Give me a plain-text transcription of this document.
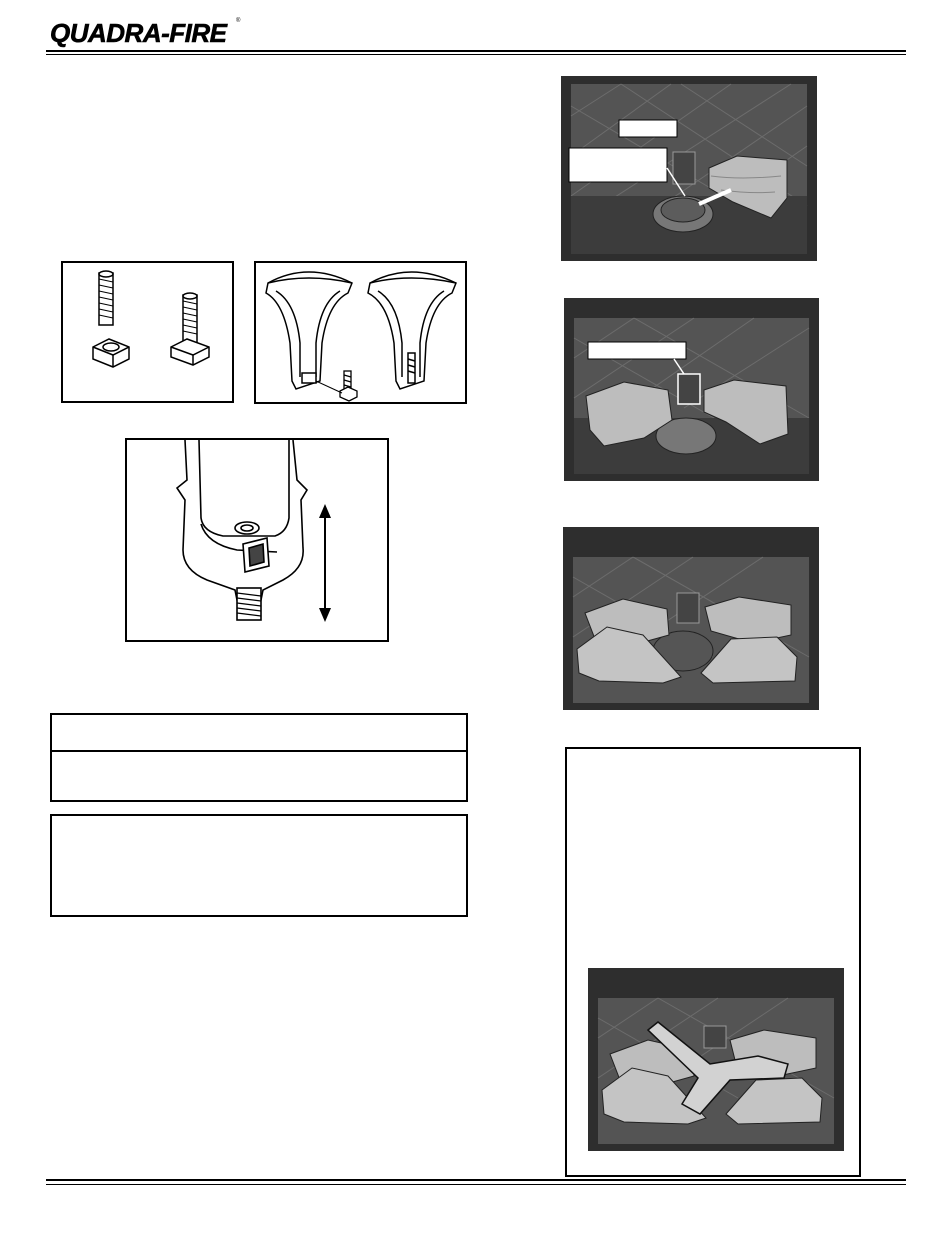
QUADRA-FIRE ®
